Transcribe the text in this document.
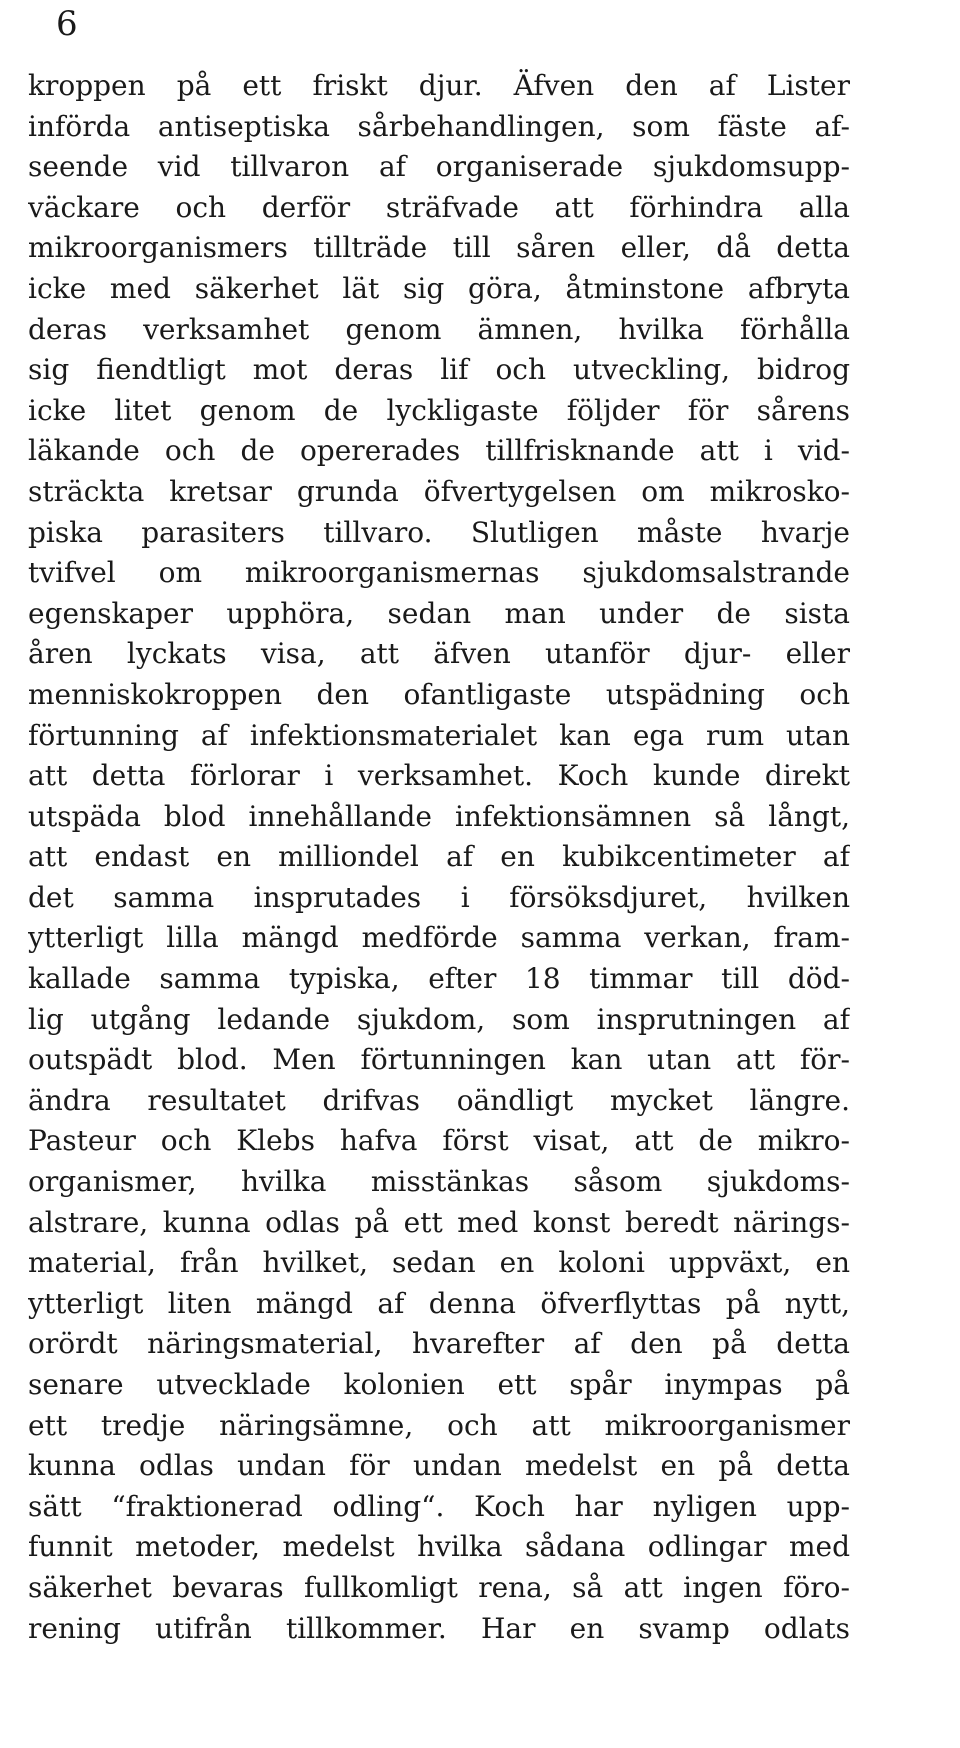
6
kroppen på ett friskt djur. Äfven den af Lister
införda antiseptiska sårbehandlingen, som fäste af-
seende vid tillvaron af organiserade sjukdomsupp-
väckare och derför sträfvade att förhindra alla
mikroorganismers tillträde till såren eller, då detta
icke med säkerhet lät sig göra, åtminstone afbryta
deras verksamhet genom ämnen, hvilka förhålla
sig fiendtligt mot deras lif och utveckling, bidrog
icke litet genom de lyckligaste följder för sårens
läkande och de opererades tillfrisknande att i vid-
sträckta kretsar grunda öfvertygelsen om mikrosko-
piska parasiters tillvaro. Slutligen måste hvarje
tvifvel om mikroorganismernas sjukdomsalstrande
egenskaper upphöra, sedan man under de sista
åren lyckats visa, att äfven utanför djur- eller
menniskokroppen den ofantligaste utspädning och
förtunning af infektionsmaterialet kan ega rum utan
att detta förlorar i verksamhet. Koch kunde direkt
utspäda blod innehållande infektionsämnen så långt,
att endast en milliondel af en kubikcentimeter af
det samma insprutades i försöksdjuret, hvilken
ytterligt lilla mängd medförde samma verkan, fram-
kallade samma typiska, efter 18 timmar till död-
lig utgång ledande sjukdom, som insprutningen af
outspädt blod. Men förtunningen kan utan att för-
ändra resultatet drifvas oändligt mycket längre.
Pasteur och Klebs hafva först visat, att de mikro-
organismer, hvilka misstänkas såsom sjukdoms-
alstrare, kunna odlas på ett med konst beredt närings-
material, från hvilket, sedan en koloni uppväxt, en
ytterligt liten mängd af denna öfverflyttas på nytt,
orördt näringsmaterial, hvarefter af den på detta
senare utvecklade kolonien ett spår inympas på
ett tredje näringsämne, och att mikroorganismer
kunna odlas undan för undan medelst en på detta
sätt “fraktionerad odling“. Koch har nyligen upp-
funnit metoder, medelst hvilka sådana odlingar med
säkerhet bevaras fullkomligt rena, så att ingen föro-
rening utifrån tillkommer. Har en svamp odlats
